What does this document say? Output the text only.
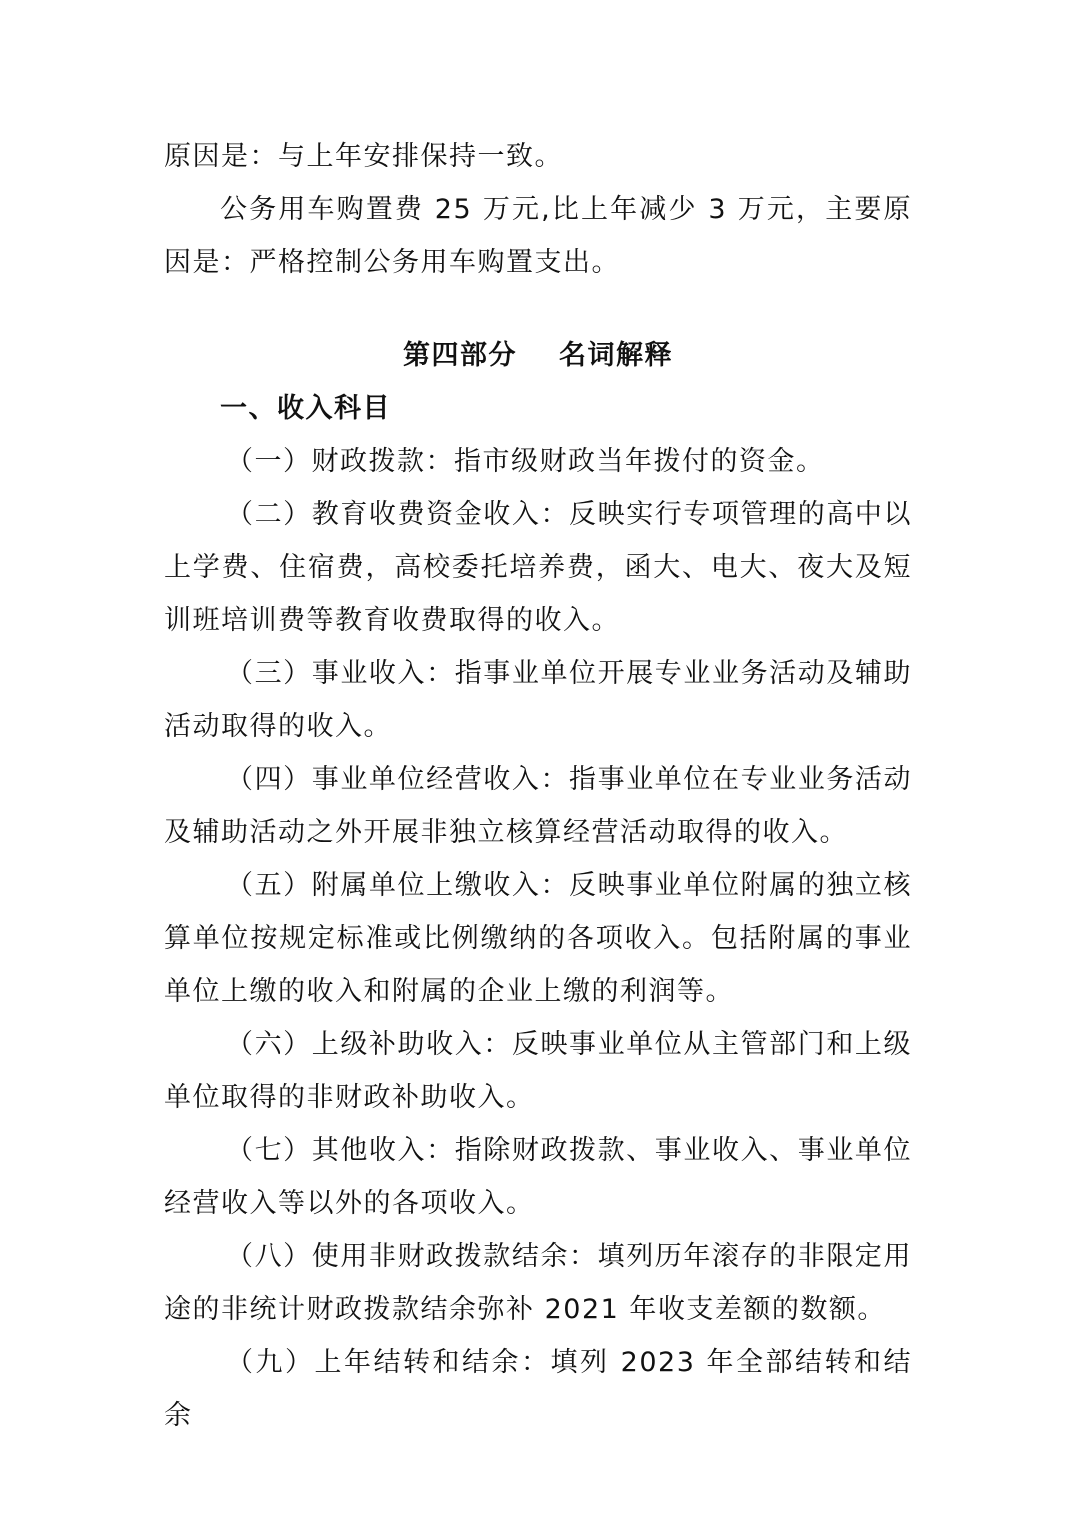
原因是：与上年安排保持一致。

公务用车购置费 25 万元,比上年减少 3 万元，主要原因是：严格控制公务用车购置支出。

第四部分 名词解释
一、收入科目

（一）财政拨款：指市级财政当年拨付的资金。

（二）教育收费资金收入：反映实行专项管理的高中以上学费、住宿费，高校委托培养费，函大、电大、夜大及短训班培训费等教育收费取得的收入。

（三）事业收入：指事业单位开展专业业务活动及辅助活动取得的收入。

（四）事业单位经营收入：指事业单位在专业业务活动及辅助活动之外开展非独立核算经营活动取得的收入。

（五）附属单位上缴收入：反映事业单位附属的独立核算单位按规定标准或比例缴纳的各项收入。包括附属的事业单位上缴的收入和附属的企业上缴的利润等。

（六）上级补助收入：反映事业单位从主管部门和上级单位取得的非财政补助收入。

（七）其他收入：指除财政拨款、事业收入、事业单位经营收入等以外的各项收入。

（八）使用非财政拨款结余：填列历年滚存的非限定用途的非统计财政拨款结余弥补 2021 年收支差额的数额。

（九）上年结转和结余：填列 2023 年全部结转和结余
